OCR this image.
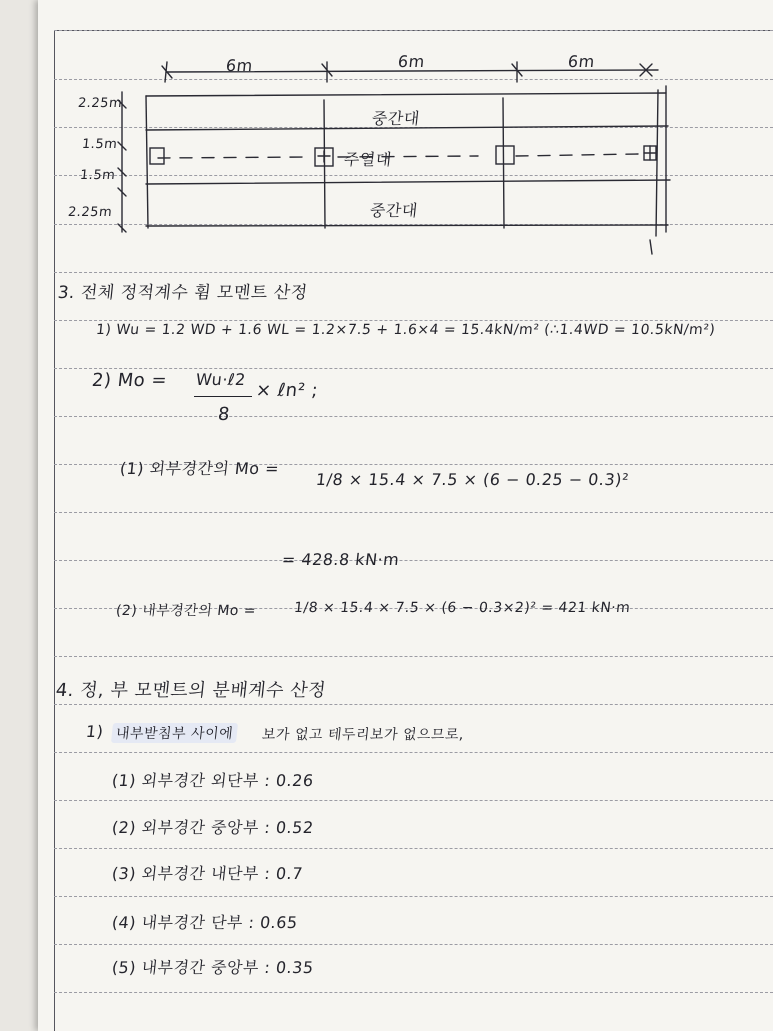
6m	6m	6m
2.25m
1.5m
1.5m
2.25m
중간대
주열대
중간대
3. 전체 정적계수 휨 모멘트 산정
1) Wu = 1.2 WD + 1.6 WL = 1.2×7.5 + 1.6×4 = 15.4kN/m² (∴1.4WD = 10.5kN/m²)
2) Mo = Wu·ℓ2
8
× ℓn² ;
(1) 외부경간의 Mo =
1/8 × 15.4 × 7.5 × (6 − 0.25 − 0.3)²
= 428.8 kN·m
(2) 내부경간의 Mo =	1/8 × 15.4 × 7.5 × (6 − 0.3×2)² = 421 kN·m
4. 정, 부 모멘트의 분배계수 산정
1) 내부받침부 사이에	보가 없고 테두리보가 없으므로,
(1) 외부경간 외단부 : 0.26
(2) 외부경간 중앙부 : 0.52
(3) 외부경간 내단부 : 0.7
(4) 내부경간 단부 : 0.65
(5) 내부경간 중앙부 : 0.35
